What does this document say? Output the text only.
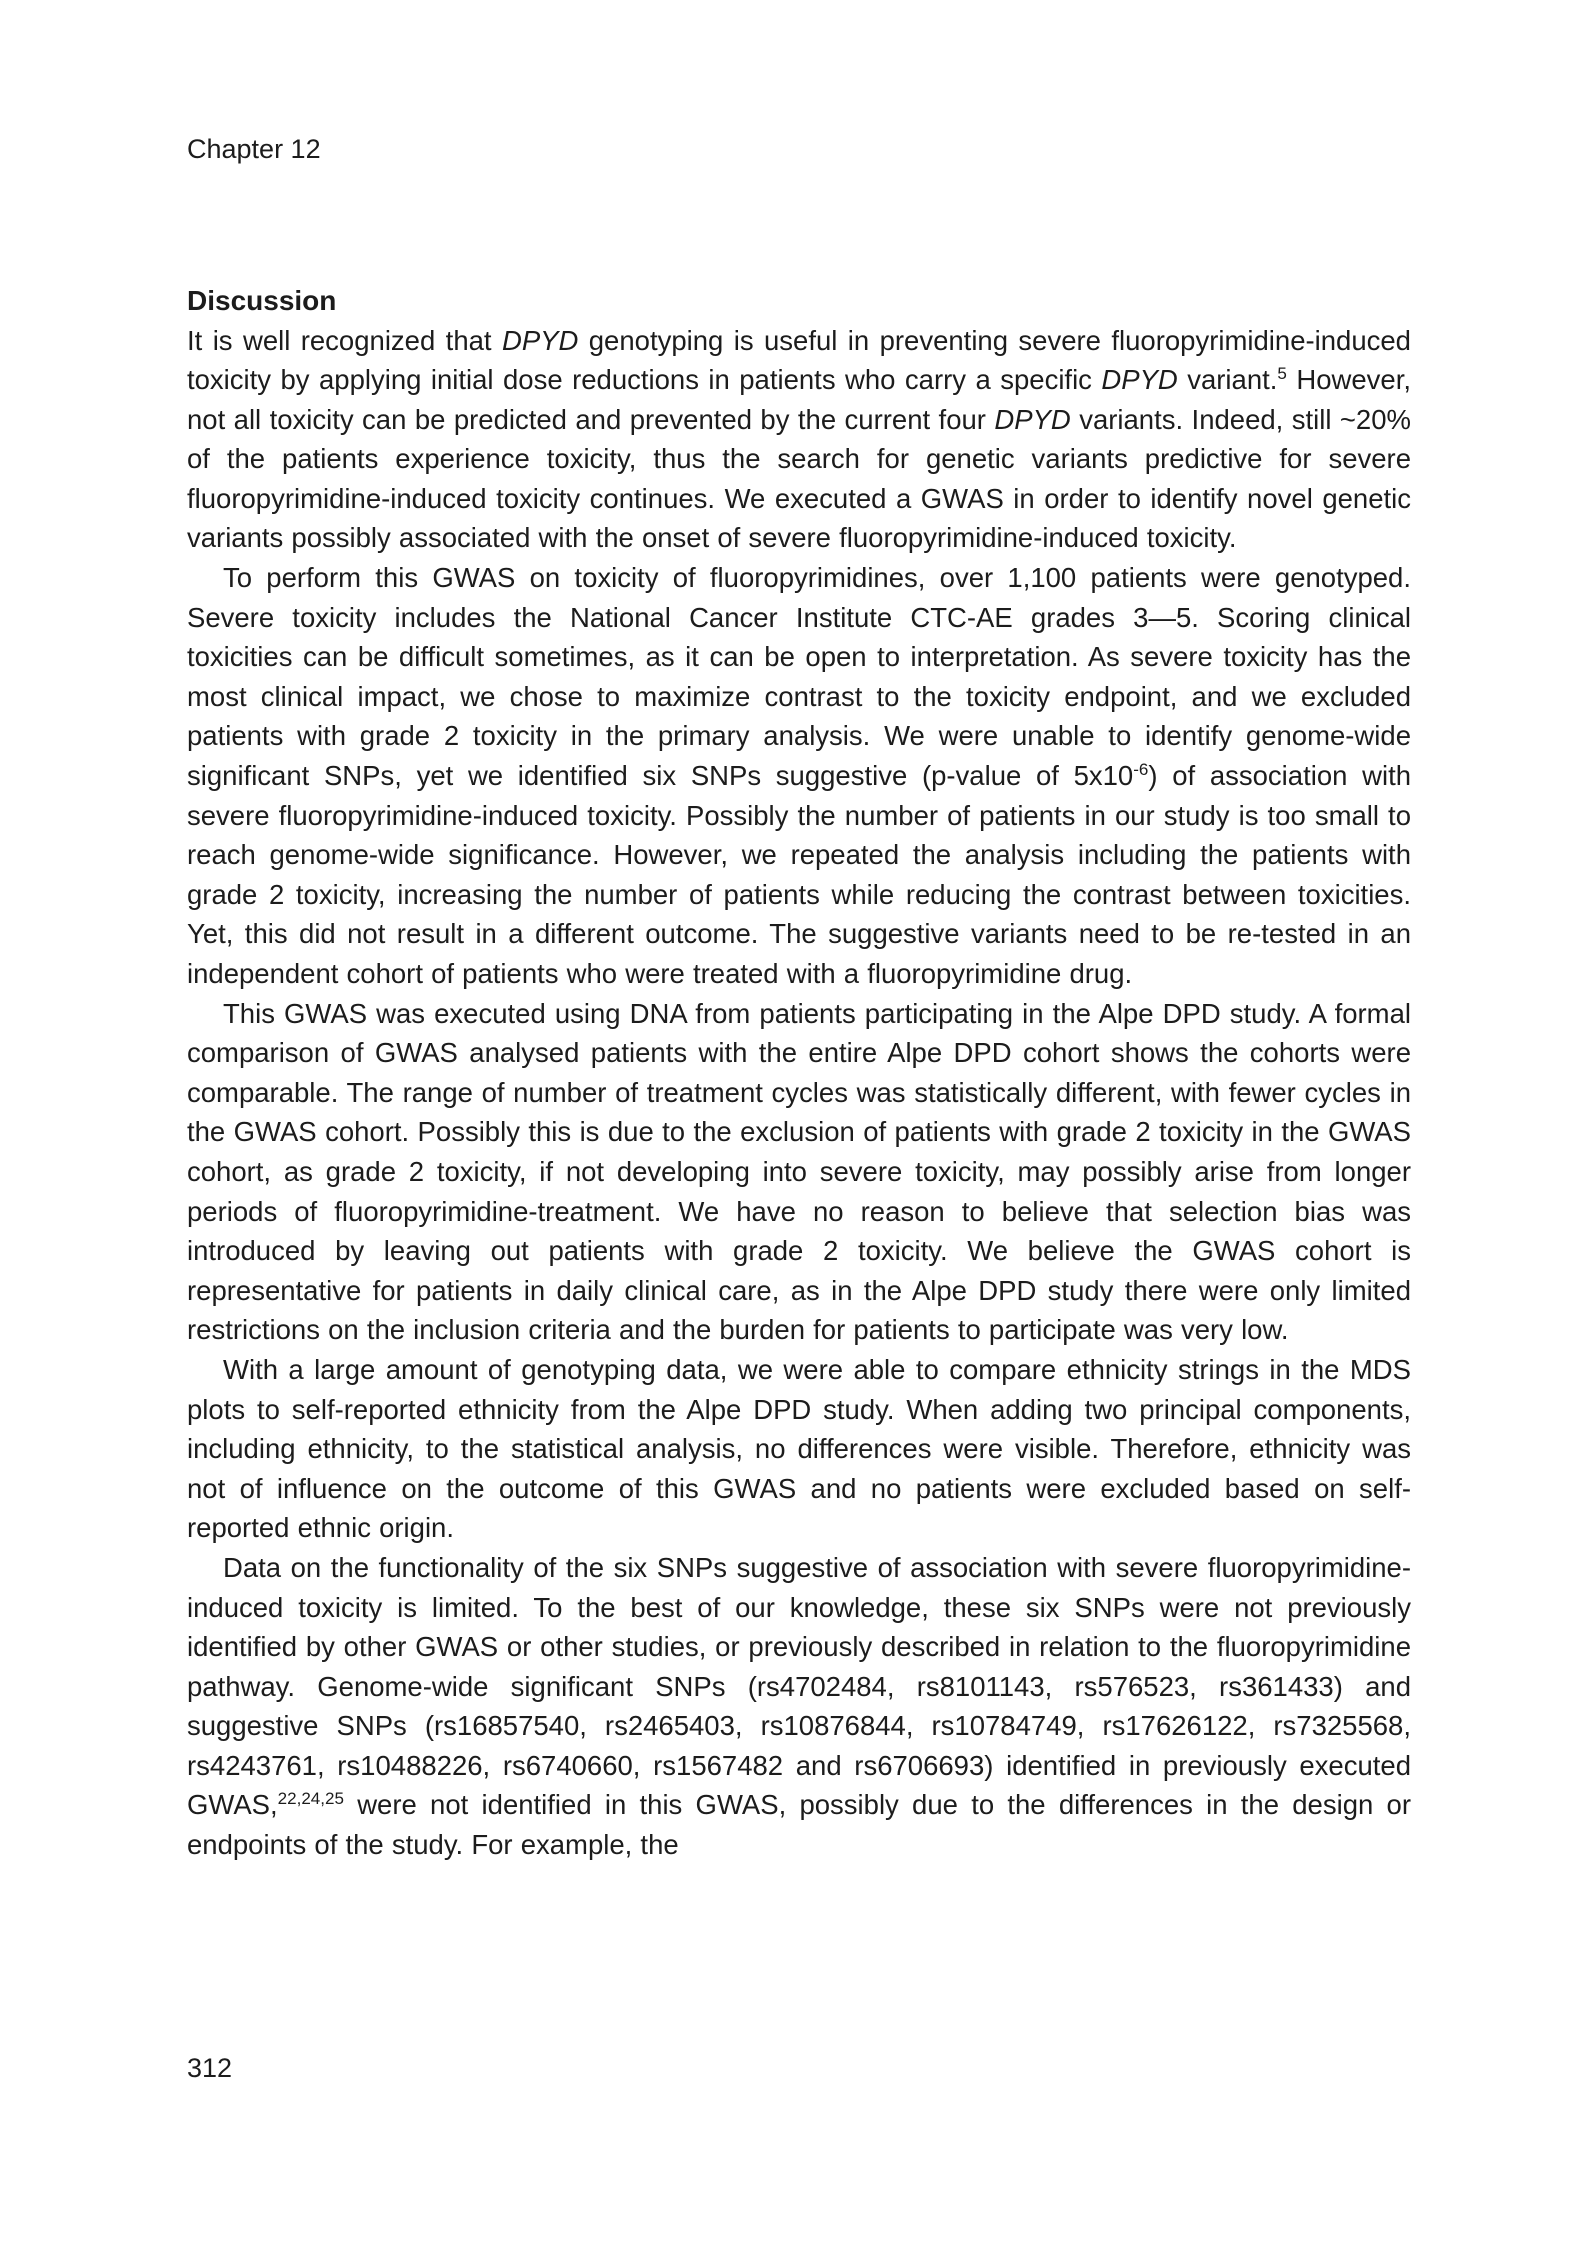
Chapter 12
Discussion

It is well recognized that DPYD genotyping is useful in preventing severe fluoropyrimidine-induced toxicity by applying initial dose reductions in patients who carry a specific DPYD variant.$^5$ However, not all toxicity can be predicted and prevented by the current four DPYD variants. Indeed, still ~20% of the patients experience toxicity, thus the search for genetic variants predictive for severe fluoropyrimidine-induced toxicity continues. We executed a GWAS in order to identify novel genetic variants possibly associated with the onset of severe fluoropyrimidine-induced toxicity.

To perform this GWAS on toxicity of fluoropyrimidines, over 1,100 patients were genotyped. Severe toxicity includes the National Cancer Institute CTC-AE grades 3—5. Scoring clinical toxicities can be difficult sometimes, as it can be open to interpretation. As severe toxicity has the most clinical impact, we chose to maximize contrast to the toxicity endpoint, and we excluded patients with grade 2 toxicity in the primary analysis. We were unable to identify genome-wide significant SNPs, yet we identified six SNPs suggestive (p-value of $5x10^{-6}$) of association with severe fluoropyrimidine-induced toxicity. Possibly the number of patients in our study is too small to reach genome-wide significance. However, we repeated the analysis including the patients with grade 2 toxicity, increasing the number of patients while reducing the contrast between toxicities. Yet, this did not result in a different outcome. The suggestive variants need to be re-tested in an independent cohort of patients who were treated with a fluoropyrimidine drug.

This GWAS was executed using DNA from patients participating in the Alpe DPD study. A formal comparison of GWAS analysed patients with the entire Alpe DPD cohort shows the cohorts were comparable. The range of number of treatment cycles was statistically different, with fewer cycles in the GWAS cohort. Possibly this is due to the exclusion of patients with grade 2 toxicity in the GWAS cohort, as grade 2 toxicity, if not developing into severe toxicity, may possibly arise from longer periods of fluoropyrimidine-treatment. We have no reason to believe that selection bias was introduced by leaving out patients with grade 2 toxicity. We believe the GWAS cohort is representative for patients in daily clinical care, as in the Alpe DPD study there were only limited restrictions on the inclusion criteria and the burden for patients to participate was very low.

With a large amount of genotyping data, we were able to compare ethnicity strings in the MDS plots to self-reported ethnicity from the Alpe DPD study. When adding two principal components, including ethnicity, to the statistical analysis, no differences were visible. Therefore, ethnicity was not of influence on the outcome of this GWAS and no patients were excluded based on self-reported ethnic origin.

Data on the functionality of the six SNPs suggestive of association with severe fluoropyrimidine-induced toxicity is limited. To the best of our knowledge, these six SNPs were not previously identified by other GWAS or other studies, or previously described in relation to the fluoropyrimidine pathway. Genome-wide significant SNPs (rs4702484, rs8101143, rs576523, rs361433) and suggestive SNPs (rs16857540, rs2465403, rs10876844, rs10784749, rs17626122, rs7325568, rs4243761, rs10488226, rs6740660, rs1567482 and rs6706693) identified in previously executed GWAS,$^{22,24,25}$ were not identified in this GWAS, possibly due to the differences in the design or endpoints of the study. For example, the

312
